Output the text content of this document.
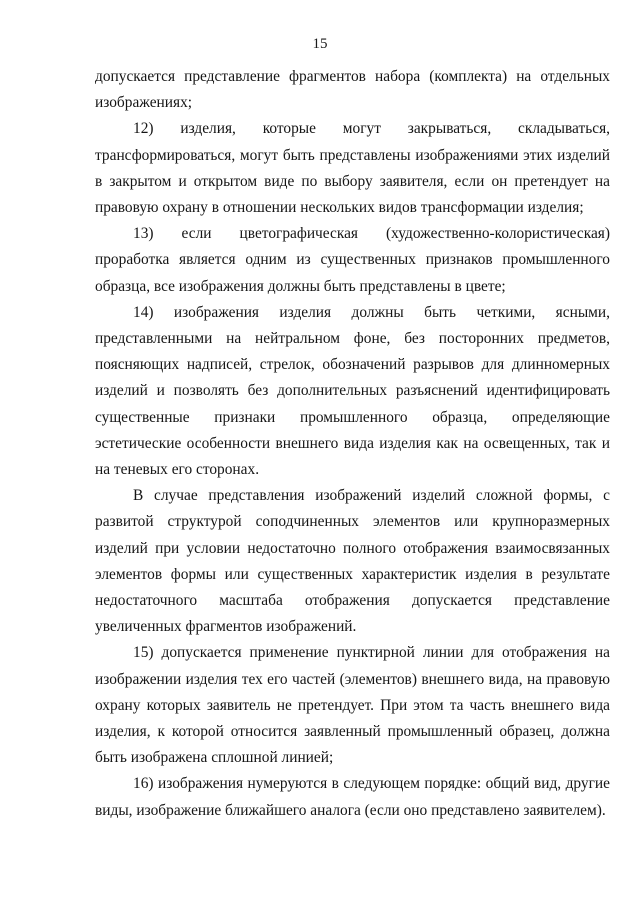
15

допускается представление фрагментов набора (комплекта) на отдельных изображениях;

12) изделия, которые могут закрываться, складываться, трансформироваться, могут быть представлены изображениями этих изделий в закрытом и открытом виде по выбору заявителя, если он претендует на правовую охрану в отношении нескольких видов трансформации изделия;

13) если цветографическая (художественно-колористическая) проработка является одним из существенных признаков промышленного образца, все изображения должны быть представлены в цвете;

14) изображения изделия должны быть четкими, ясными, представленными на нейтральном фоне, без посторонних предметов, поясняющих надписей, стрелок, обозначений разрывов для длинномерных изделий и позволять без дополнительных разъяснений идентифицировать существенные признаки промышленного образца, определяющие эстетические особенности внешнего вида изделия как на освещенных, так и на теневых его сторонах.

В случае представления изображений изделий сложной формы, с развитой структурой соподчиненных элементов или крупноразмерных изделий при условии недостаточно полного отображения взаимосвязанных элементов формы или существенных характеристик изделия в результате недостаточного масштаба отображения допускается представление увеличенных фрагментов изображений.

15) допускается применение пунктирной линии для отображения на изображении изделия тех его частей (элементов) внешнего вида, на правовую охрану которых заявитель не претендует. При этом та часть внешнего вида изделия, к которой относится заявленный промышленный образец, должна быть изображена сплошной линией;

16) изображения нумеруются в следующем порядке: общий вид, другие виды, изображение ближайшего аналога (если оно представлено заявителем).
